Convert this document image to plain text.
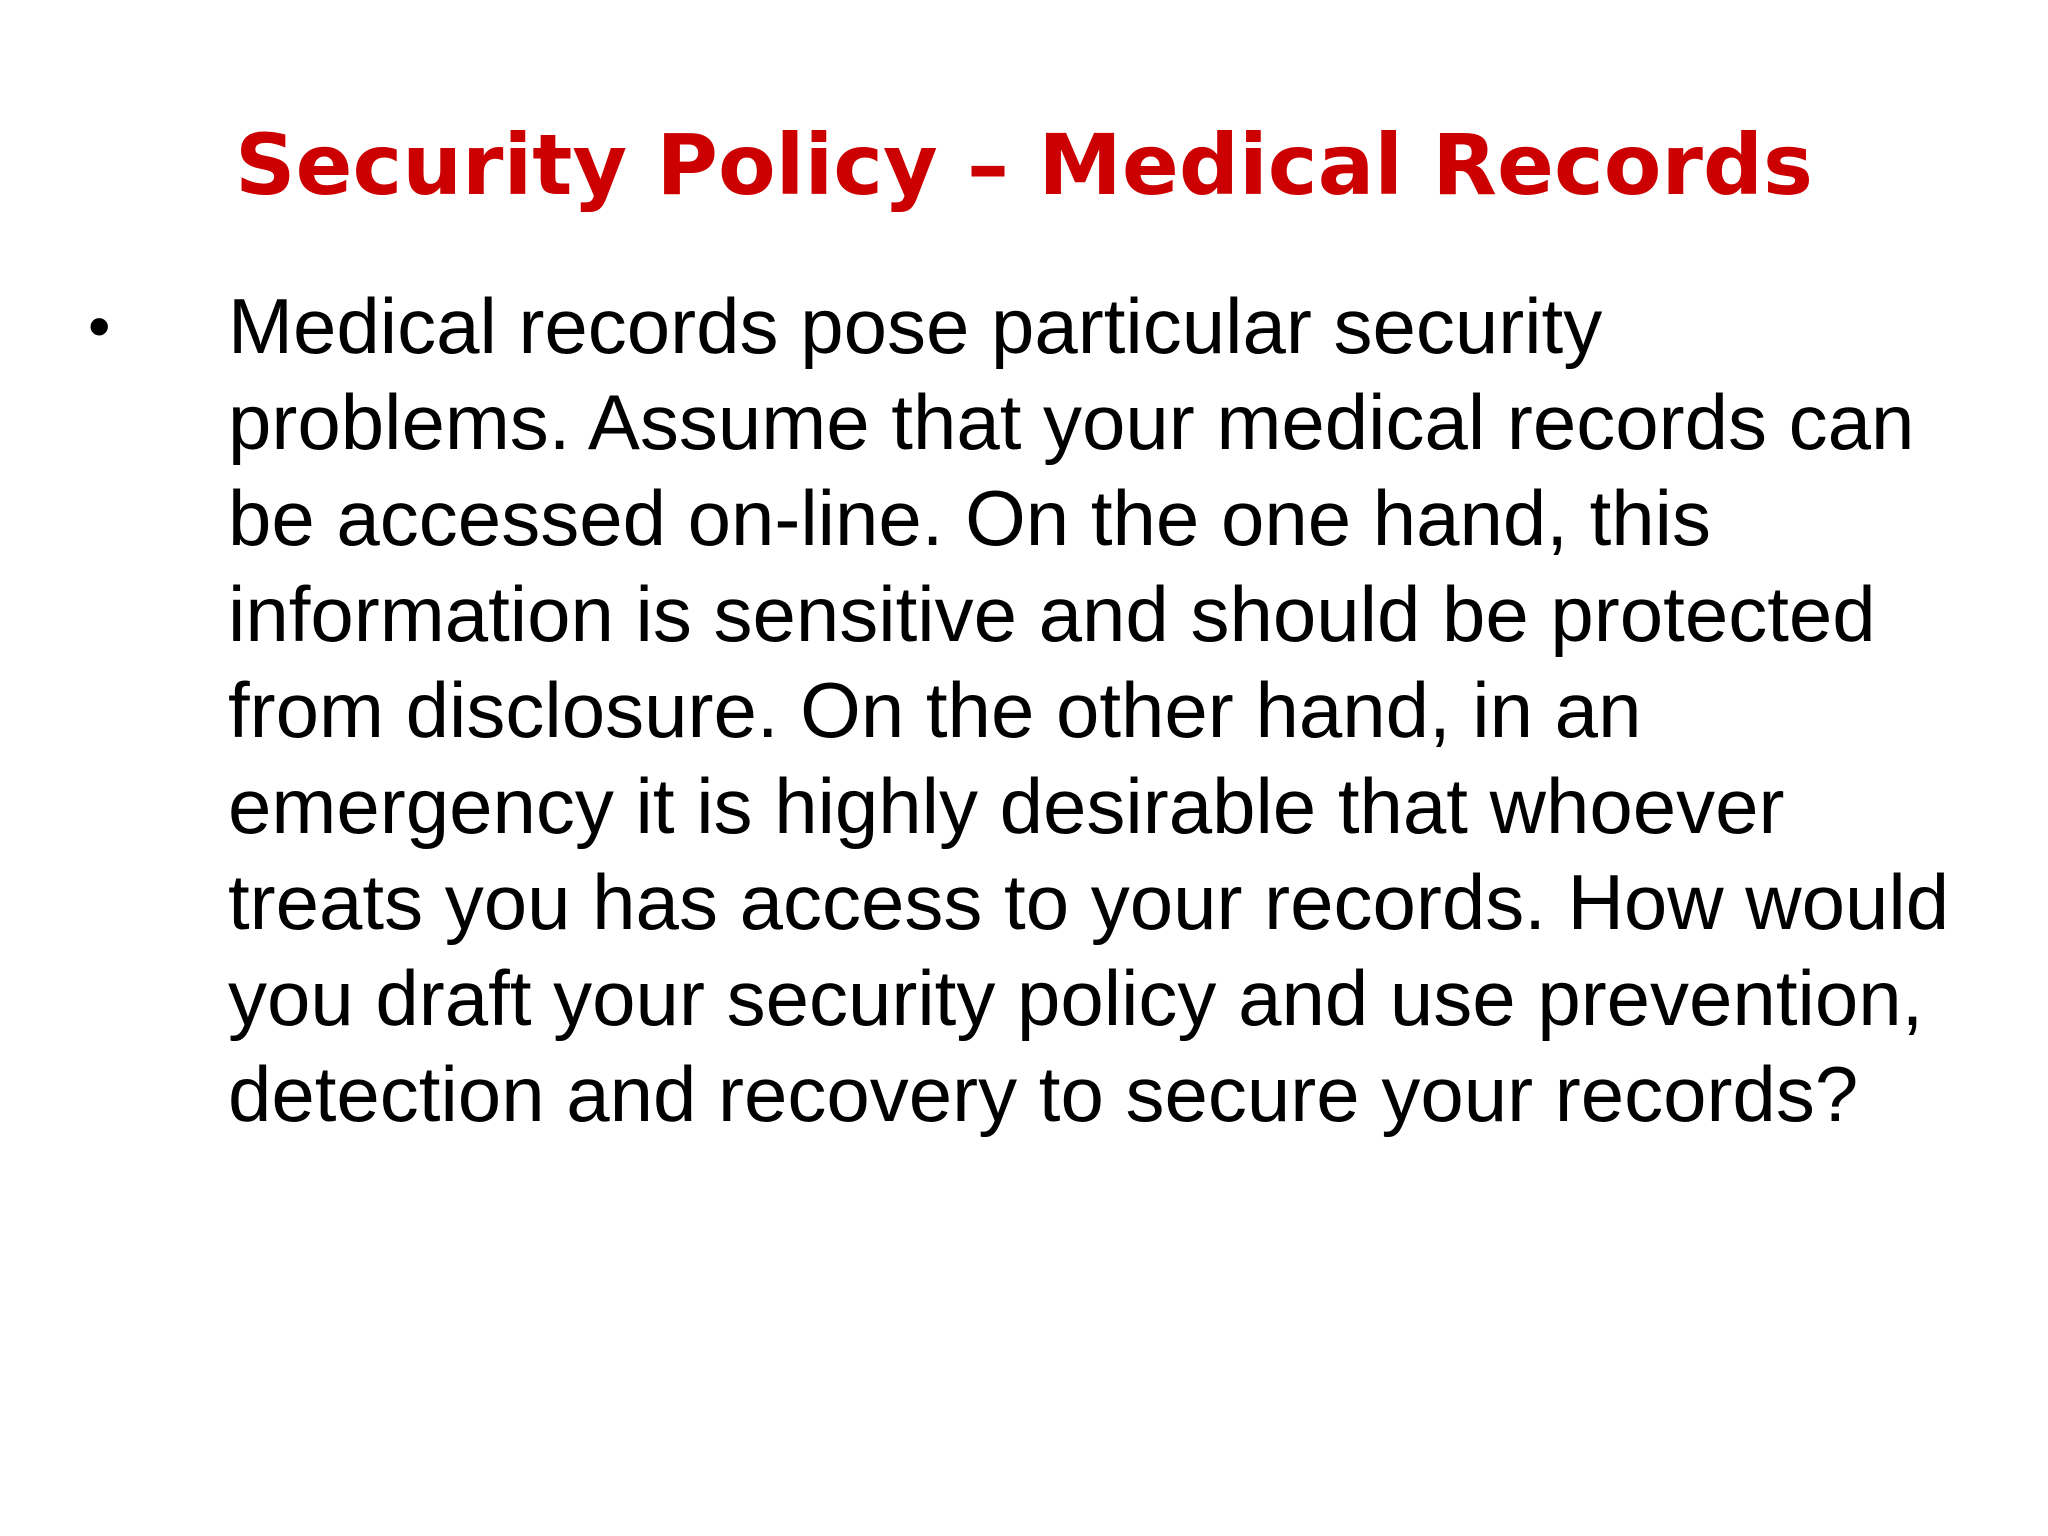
Security Policy – Medical Records
• Medical records pose particular security
problems. Assume that your medical records can
be accessed on-line. On the one hand, this
information is sensitive and should be protected
from disclosure. On the other hand, in an
emergency it is highly desirable that whoever
treats you has access to your records. How would
you draft your security policy and use prevention,
detection and recovery to secure your records?
